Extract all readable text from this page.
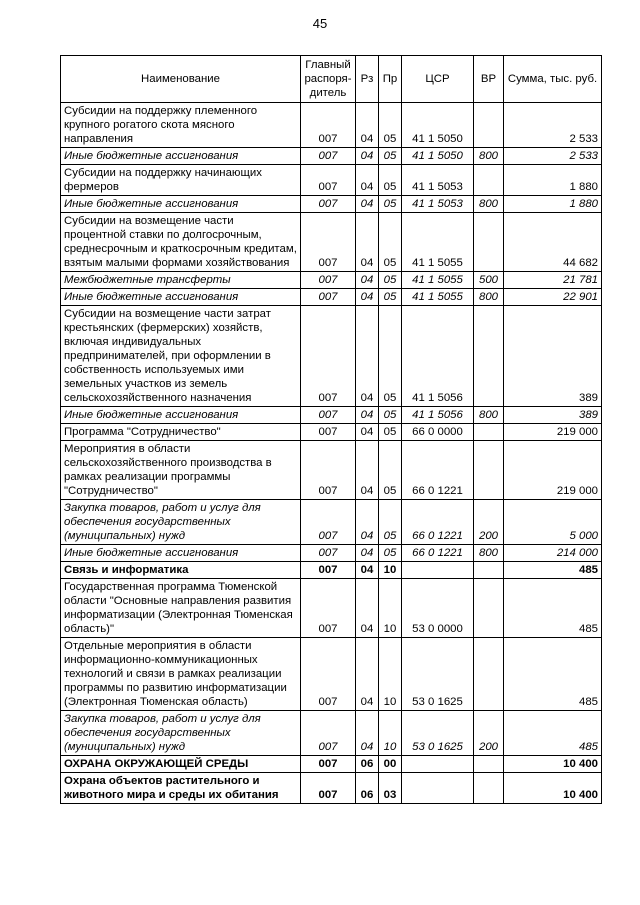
45
Наименование	Главный распоря-дитель	Рз	Пр	ЦСР	ВР	Сумма, тыс. руб.
Субсидии на поддержку племенного крупного рогатого скота мясного направления	007	04	05	41 1 5050		2 533
Иные бюджетные ассигнования	007	04	05	41 1 5050	800	2 533
Субсидии на поддержку начинающих фермеров	007	04	05	41 1 5053		1 880
Иные бюджетные ассигнования	007	04	05	41 1 5053	800	1 880
Субсидии на возмещение части процентной ставки по долгосрочным, среднесрочным и краткосрочным кредитам, взятым малыми формами хозяйствования	007	04	05	41 1 5055		44 682
Межбюджетные трансферты	007	04	05	41 1 5055	500	21 781
Иные бюджетные ассигнования	007	04	05	41 1 5055	800	22 901
Субсидии на возмещение части затрат крестьянских (фермерских) хозяйств, включая индивидуальных предпринимателей, при оформлении в собственность используемых ими земельных участков из земель сельскохозяйственного назначения	007	04	05	41 1 5056		389
Иные бюджетные ассигнования	007	04	05	41 1 5056	800	389
Программа "Сотрудничество"	007	04	05	66 0 0000		219 000
Мероприятия в области сельскохозяйственного производства в рамках реализации программы "Сотрудничество"	007	04	05	66 0 1221		219 000
Закупка товаров, работ и услуг для обеспечения государственных (муниципальных) нужд	007	04	05	66 0 1221	200	5 000
Иные бюджетные ассигнования	007	04	05	66 0 1221	800	214 000
Связь и информатика	007	04	10			485
Государственная программа Тюменской области "Основные направления развития информатизации (Электронная Тюменская область)"	007	04	10	53 0 0000		485
Отдельные мероприятия в области информационно-коммуникационных технологий и связи в рамках реализации программы по развитию информатизации (Электронная Тюменская область)	007	04	10	53 0 1625		485
Закупка товаров, работ и услуг для обеспечения государственных (муниципальных) нужд	007	04	10	53 0 1625	200	485
ОХРАНА ОКРУЖАЮЩЕЙ СРЕДЫ	007	06	00			10 400
Охрана объектов растительного и животного мира и среды их обитания	007	06	03			10 400
